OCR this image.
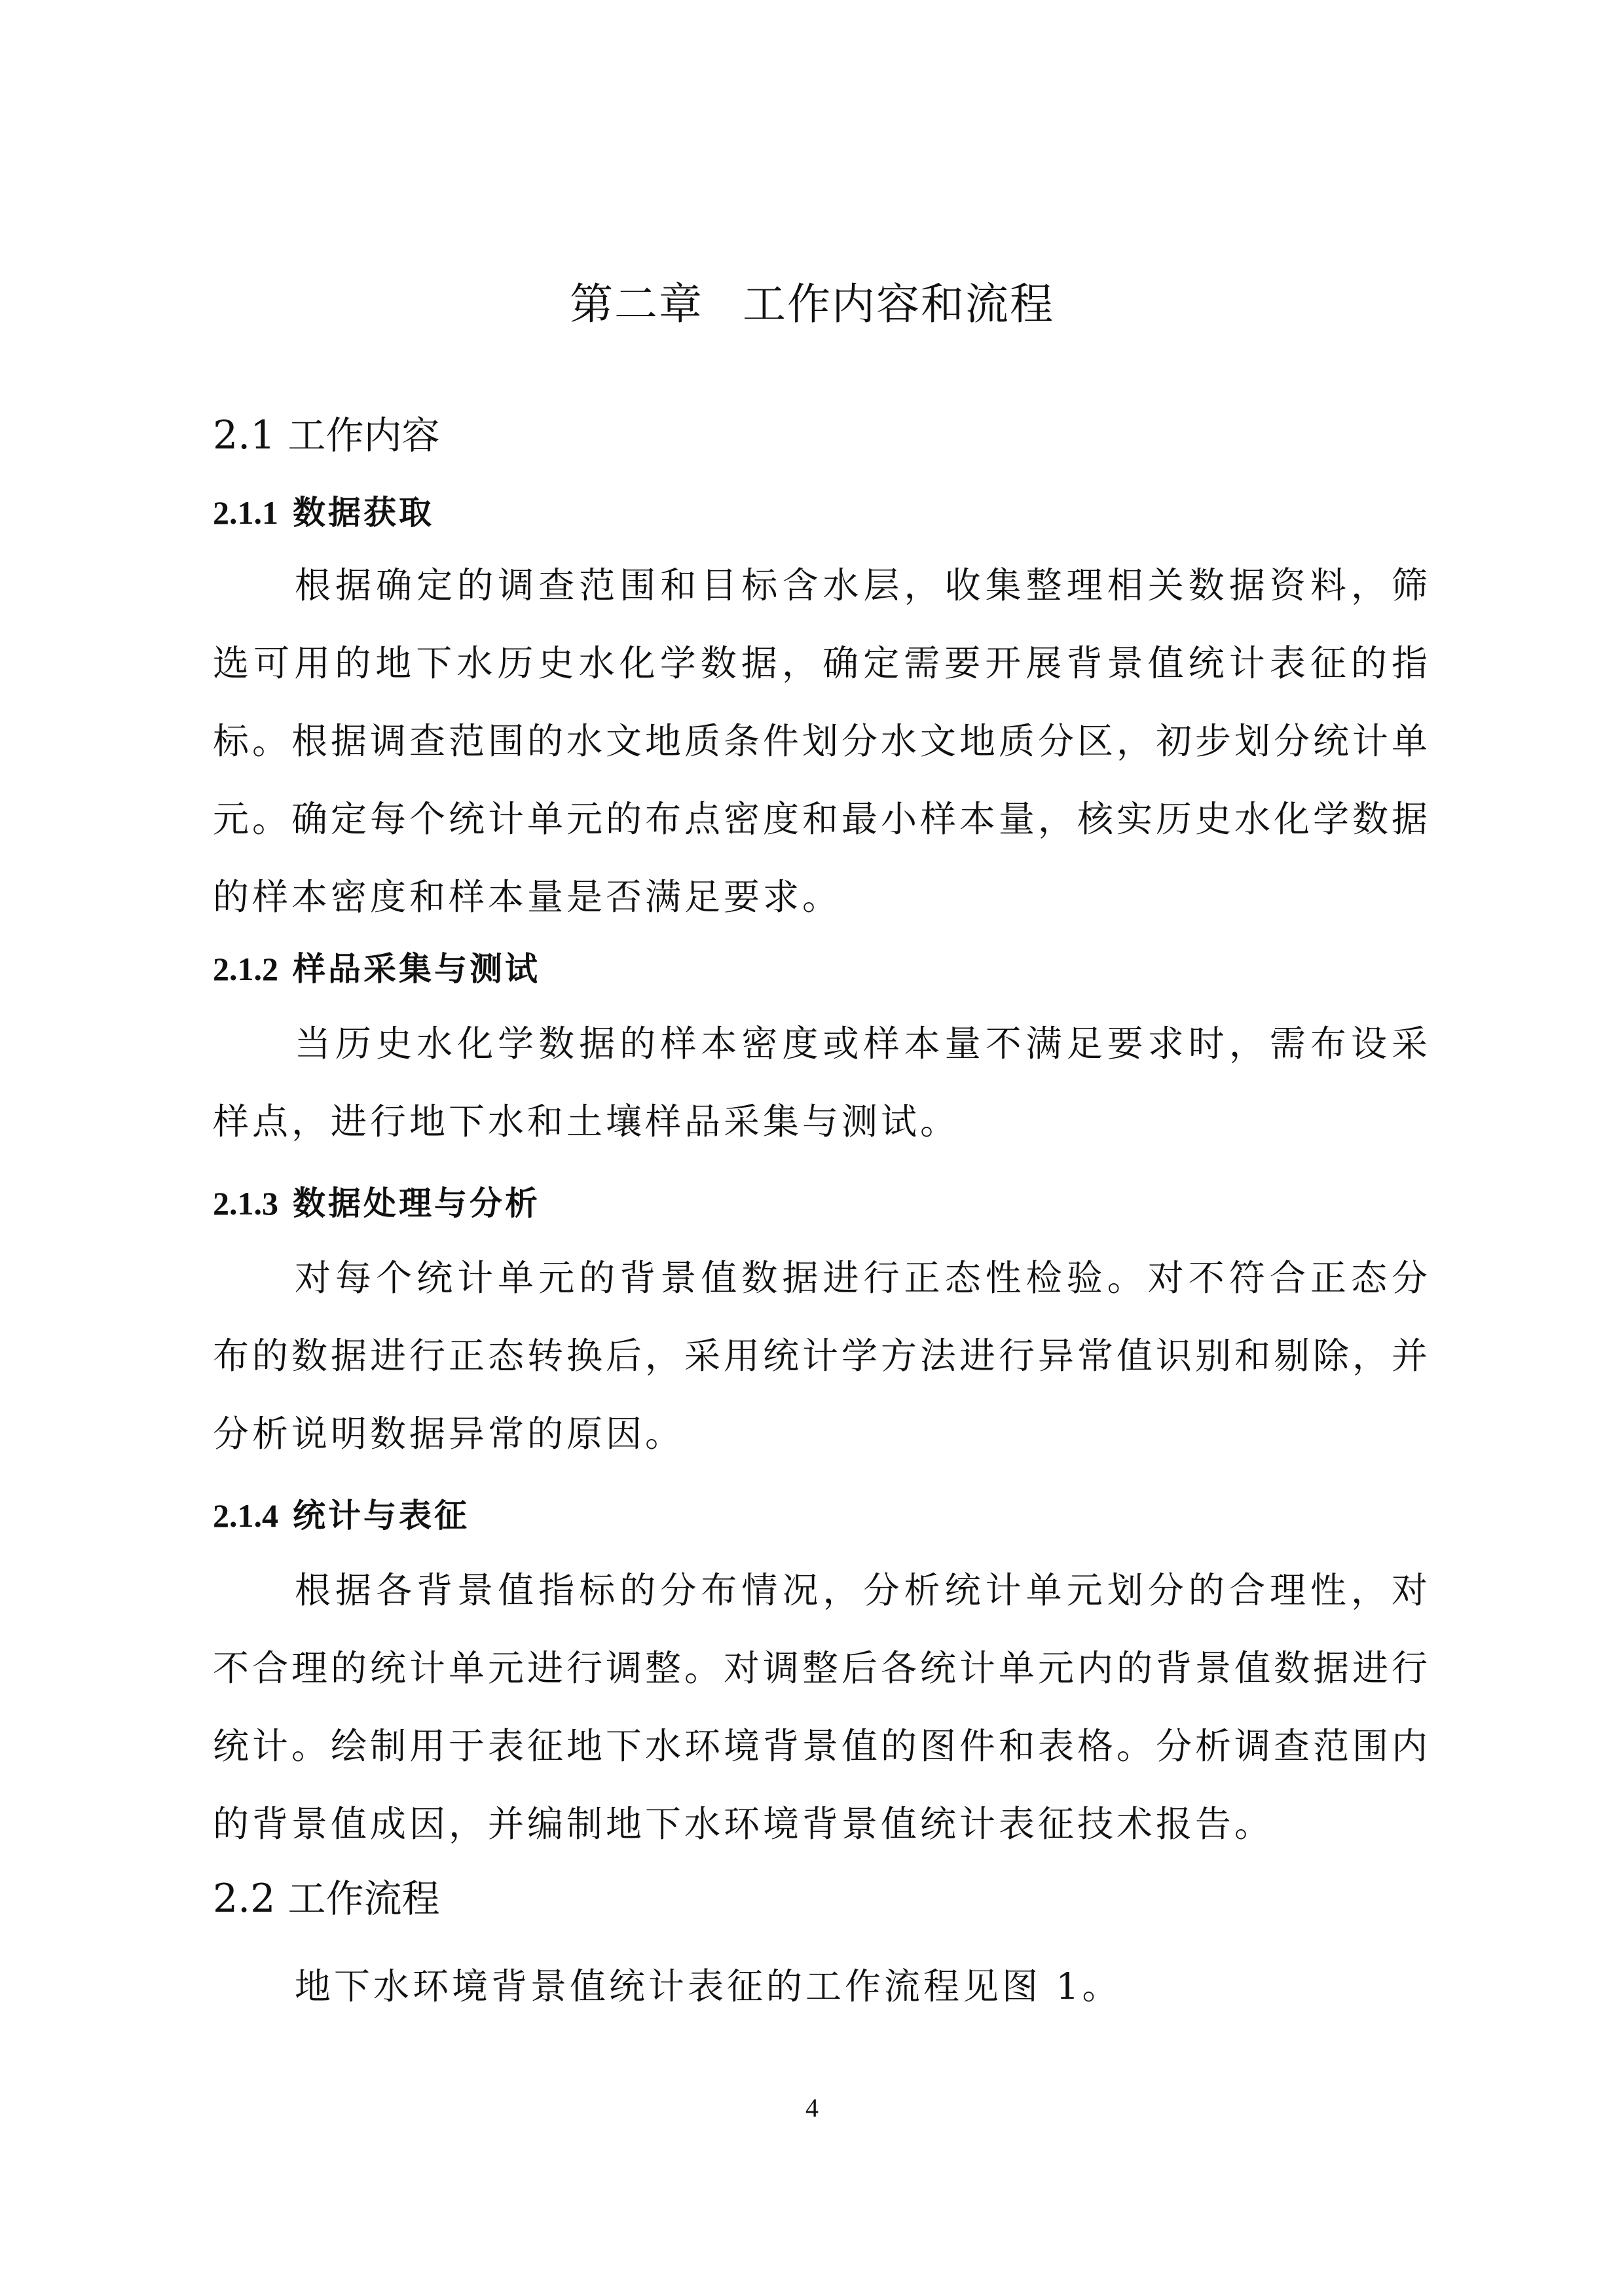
第二章 工作内容和流程
2.1 工作内容
2.1.1 数据获取

根据确定的调查范围和目标含水层，收集整理相关数据资料，筛选可用的地下水历史水化学数据，确定需要开展背景值统计表征的指标。根据调查范围的水文地质条件划分水文地质分区，初步划分统计单元。确定每个统计单元的布点密度和最小样本量，核实历史水化学数据的样本密度和样本量是否满足要求。

2.1.2 样品采集与测试

当历史水化学数据的样本密度或样本量不满足要求时，需布设采样点，进行地下水和土壤样品采集与测试。

2.1.3 数据处理与分析

对每个统计单元的背景值数据进行正态性检验。对不符合正态分布的数据进行正态转换后，采用统计学方法进行异常值识别和剔除，并分析说明数据异常的原因。

2.1.4 统计与表征

根据各背景值指标的分布情况，分析统计单元划分的合理性，对不合理的统计单元进行调整。对调整后各统计单元内的背景值数据进行统计。绘制用于表征地下水环境背景值的图件和表格。分析调查范围内的背景值成因，并编制地下水环境背景值统计表征技术报告。

2.2 工作流程

地下水环境背景值统计表征的工作流程见图 1。

4
